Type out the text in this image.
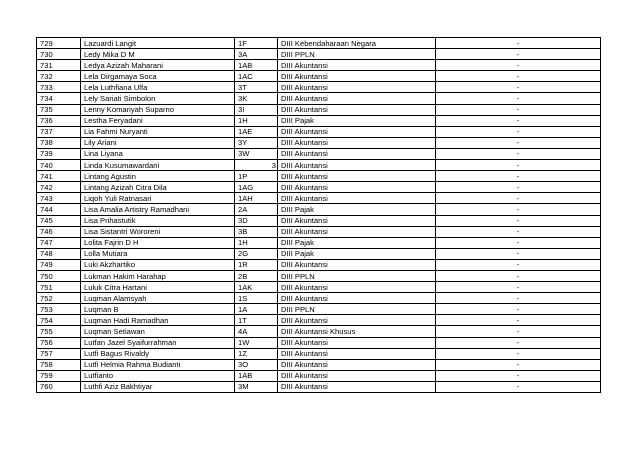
729	Lazuardi Langit	1F	DIII Kebendaharaan Negara	-
730	Ledy Mika D M	3A	DIII PPLN	-
731	Ledya Azizah Maharani	1AB	DIII Akuntansi	-
732	Lela Dirgamaya Soca	1AC	DIII Akuntansi	-
733	Lela Luthfiana Ulfa	3T	DIII Akuntansi	-
734	Lely Sariati Simbolon	3K	DIII Akuntansi	-
735	Lenny Komariyah Suparno	3I	DIII Akuntansi	-
736	Lestha Feryadani	1H	DIII Pajak	-
737	Lia Fahmi Nuryanti	1AE	DIII Akuntansi	-
738	Lily Ariani	3Y	DIII Akuntansi	-
739	Lina Liyana	3W	DIII Akuntansi	-
740	Linda Kusumawardani	3	DIII Akuntansi	-
741	Lintang Agustin	1P	DIII Akuntansi	-
742	Lintang Azizah Citra Dila	1AG	DIII Akuntansi	-
743	Liqoh Yuli Ratnasari	1AH	DIII Akuntansi	-
744	Lisa Amalia Artistry Ramadhani	2A	DIII Pajak	-
745	Lisa Prihastutik	3D	DIII Akuntansi	-
746	Lisa Sistantri Wororeni	3B	DIII Akuntansi	-
747	Lolita Fajrin D H	1H	DIII Pajak	-
748	Lolla Mutiara	2G	DIII Pajak	-
749	Luki Akzhartiko	1R	DIII Akuntansi	-
750	Lukman Hakim Harahap	2B	DIII PPLN	-
751	Luluk Citra Hartani	1AK	DIII Akuntansi	-
752	Luqman Alamsyah	1S	DIII Akuntansi	-
753	Luqman B	1A	DIII PPLN	-
754	Luqman Hadi Ramadhan	1T	DIII Akuntansi	-
755	Luqman Setiawan	4A	DIII Akuntansi Khusus	-
756	Lutfan Jazel Syaifurrahman	1W	DIII Akuntansi	-
757	Lutfi Bagus Rivaldy	1Z	DIII Akuntansi	-
758	Lutfi Helmia Rahma Budianti	3O	DIII Akuntansi	-
759	Lutfianto	1AB	DIII Akuntansi	-
760	Luthfi Aziz Bakhtiyar	3M	DIII Akuntansi	-
